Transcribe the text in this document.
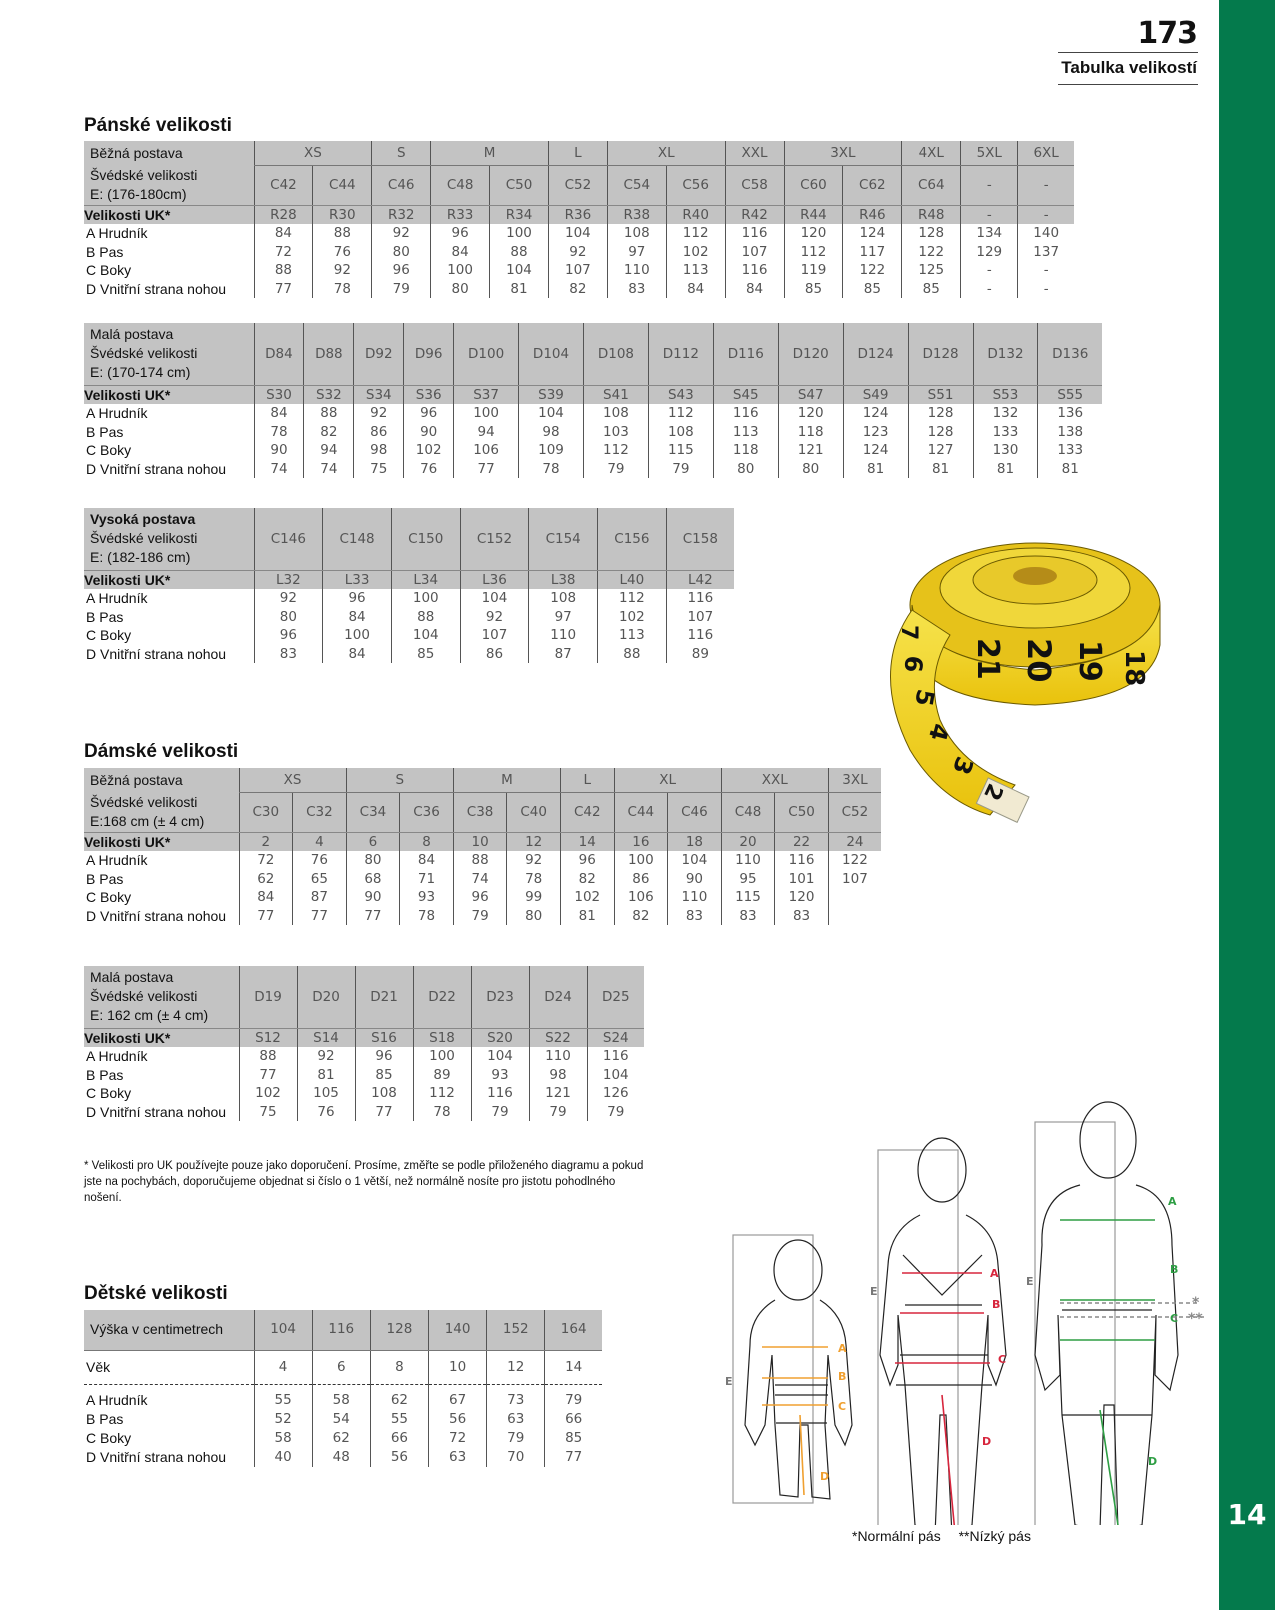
14
173
Tabulka velikostí
Pánské velikosti
Běžná postava	XS		S	M		L	XL		XXL	3XL		4XL	5XL	6XL

Švédské velikosti
E: (176-180cm)	C42	C44	C46	C48	C50	C52	C54	C56	C58	C60	C62	C64	-	-
Velikosti UK*	R28	R30	R32	R33	R34	R36	R38	R40	R42	R44	R46	R48	-	-
A Hrudník	84	88	92	96	100	104	108	112	116	120	124	128	134	140
B Pas	72	76	80	84	88	92	97	102	107	112	117	122	129	137
C Boky	88	92	96	100	104	107	110	113	116	119	122	125	-	-
D Vnitřní strana nohou	77	78	79	80	81	82	83	84	84	85	85	85	-	-
Malá postava
Švédské velikosti
E: (170-174 cm)	D84	D88	D92	D96	D100	D104	D108	D112	D116	D120	D124	D128	D132	D136
Velikosti UK*	S30	S32	S34	S36	S37	S39	S41	S43	S45	S47	S49	S51	S53	S55
A Hrudník	84	88	92	96	100	104	108	112	116	120	124	128	132	136
B Pas	78	82	86	90	94	98	103	108	113	118	123	128	133	138
C Boky	90	94	98	102	106	109	112	115	118	121	124	127	130	133
D Vnitřní strana nohou	74	74	75	76	77	78	79	79	80	80	81	81	81	81
Vysoká postava
Švédské velikosti
E: (182-186 cm)	C146	C148	C150	C152	C154	C156	C158
Velikosti UK*	L32	L33	L34	L36	L38	L40	L42
A Hrudník	92	96	100	104	108	112	116
B Pas	80	84	88	92	97	102	107
C Boky	96	100	104	107	110	113	116
D Vnitřní strana nohou	83	84	85	86	87	88	89	18
19
20
21
2
3
4
5
6
7
Dámské velikosti
Běžná postava	XS		S		M		L	XL		XXL		3XL

Švédské velikosti
E:168 cm (± 4 cm)	C30	C32	C34	C36	C38	C40	C42	C44	C46	C48	C50	C52
Velikosti UK*	2	4	6	8	10	12	14	16	18	20	22	24
A Hrudník	72	76	80	84	88	92	96	100	104	110	116	122
B Pas	62	65	68	71	74	78	82	86	90	95	101	107
C Boky	84	87	90	93	96	99	102	106	110	115	120	
D Vnitřní strana nohou	77	77	77	78	79	80	81	82	83	83	83	
Malá postava
Švédské velikosti
E: 162 cm (± 4 cm)	D19	D20	D21	D22	D23	D24	D25
Velikosti UK*	S12	S14	S16	S18	S20	S22	S24
A Hrudník	88	92	96	100	104	110	116
B Pas	77	81	85	89	93	98	104
C Boky	102	105	108	112	116	121	126
D Vnitřní strana nohou	75	76	77	78	79	79	79
* Velikosti pro UK používejte pouze jako doporučení. Prosíme, změřte se podle přiloženého diagramu a pokud jste na pochybách, doporučujeme objednat si číslo o 1 větší, než normálně nosíte pro jistotu pohodlného nošení.
Dětské velikosti
Výška v centimetrech	104	116	128	140	152	164
Věk	4	6	8	10	12	14
A Hrudník	55	58	62	67	73	79
B Pas	52	54	55	56	63	66
C Boky	58	62	66	72	79	85
D Vnitřní strana nohou	40	48	56	63	70	77
A
B
C
D
E
A
B
C
D
E
A
B
C
D
E
*
**
*Normální pás **Nízký pás
